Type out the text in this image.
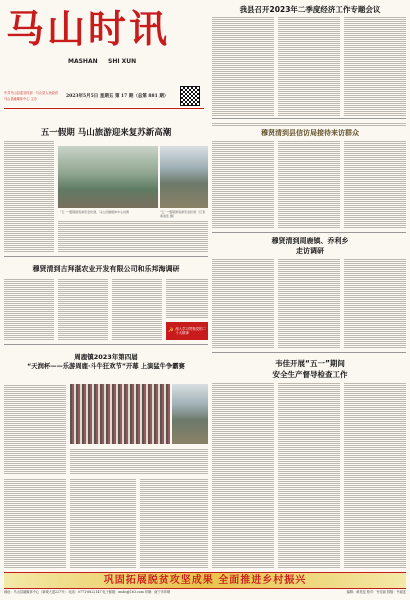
马山时讯
MASHAN SHI XUN
中共马山县委宣传部 · 马山县人民政府
马山县融媒体中心 主办	2023年5月5日 星期五 第 17 期（总第 881 期）
我县召开2023年二季度经济工作专题会议
五一假期 马山旅游迎来复苏新高潮
“五一”假期游客游览金伦洞，马山县融媒体中心供图	“五一”假期游客游览金伦洞（记者 黄美连 摄）
穆贤清到县信访局接待来访群众
穆贤清到周鹿镇、乔利乡
走访调研
韦佳开展“五一”期间
安全生产督导检查工作
穆贤清到古拜湛农业开发有限公司和乐邦海调研
☭ 深入学习贯彻党的二十大精神
周鹿镇2023年第四届
“天润杯——乐游周鹿·斗牛狂欢节”开幕 上演猛牛争霸赛
巩固拓展脱贫攻坚成果 全面推进乡村振兴
地址：马山县融媒体中心（新城大道227号） 电话：0771-6822147 电子邮箱：msbs@163.com 印刷：南宁市印刷	编辑：黄美连 校对：韦佳丽 排版：韦丽连
